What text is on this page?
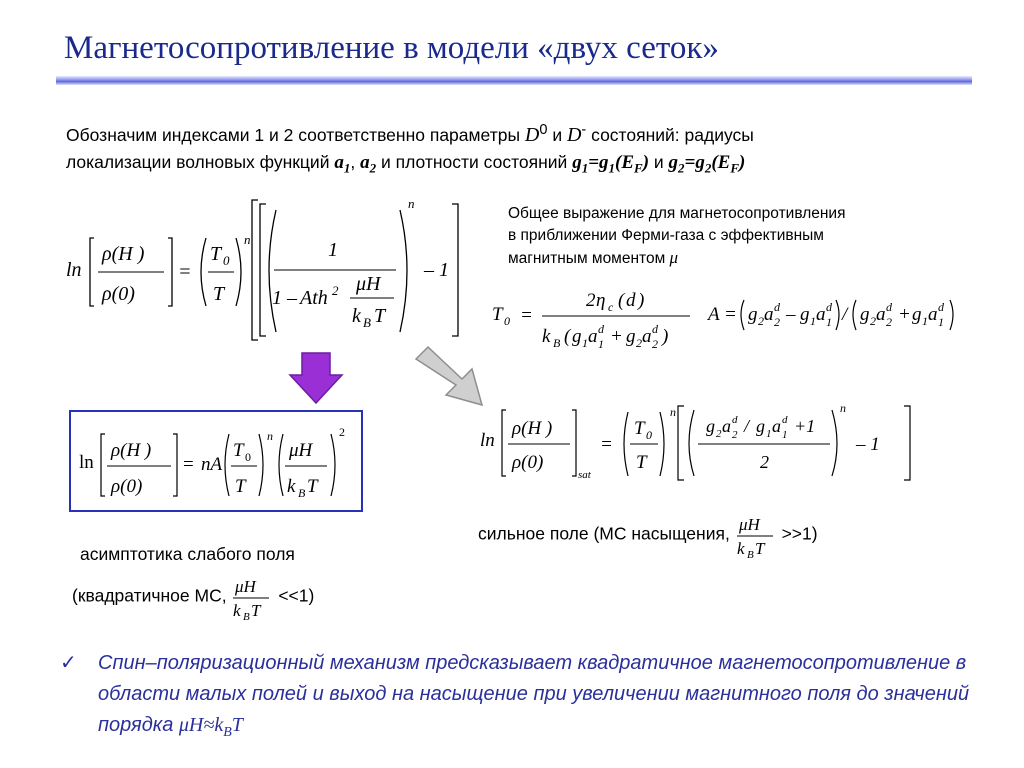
Магнетосопротивление в модели «двух сеток»
Обозначим индексами 1 и 2 соответственно параметры $D^0$ и D- состояний: радиусы
локализации волновых функций $a_1$, $a_2$ и плотности состояний $g_1=g_1(E_F)$ и $g_2=g_2(E_F)$
ln
ρ(H )
ρ(0)
=
T 0
T
n	1
1 – Ath 2 μH
k B T
n
– 1
Общее выражение для магнетосопротивления
в приближении Ферми-газа с эффективным
магнитным моментом μ
T 0 =
2 η c ( d )
k B ( g 1 a d
1 + g 2 a d
2 )
A = g 2 a d
2 – g 1 a d
1 / g 2 a d
2 + g 1 a d
1
ln
ρ(H )
ρ(0)
= nA
T 0
T
n
μH
k B T
2	ln
ρ(H )
ρ(0)
sat
=
T 0
T
n
g 2 a d
2 / g 1 a d
1 +1
2
n
– 1
сильное поле (МС насыщения, μH
k B T
>>1)
асимптотика слабого поля
(квадратичное МС, μH
k B T
<<1)
✓ Спин–поляризационный механизм предсказывает квадратичное магнетосопротивление в области малых полей и выход на насыщение при увеличении магнитного поля до значений порядка $\mu H\approx k_BT$
